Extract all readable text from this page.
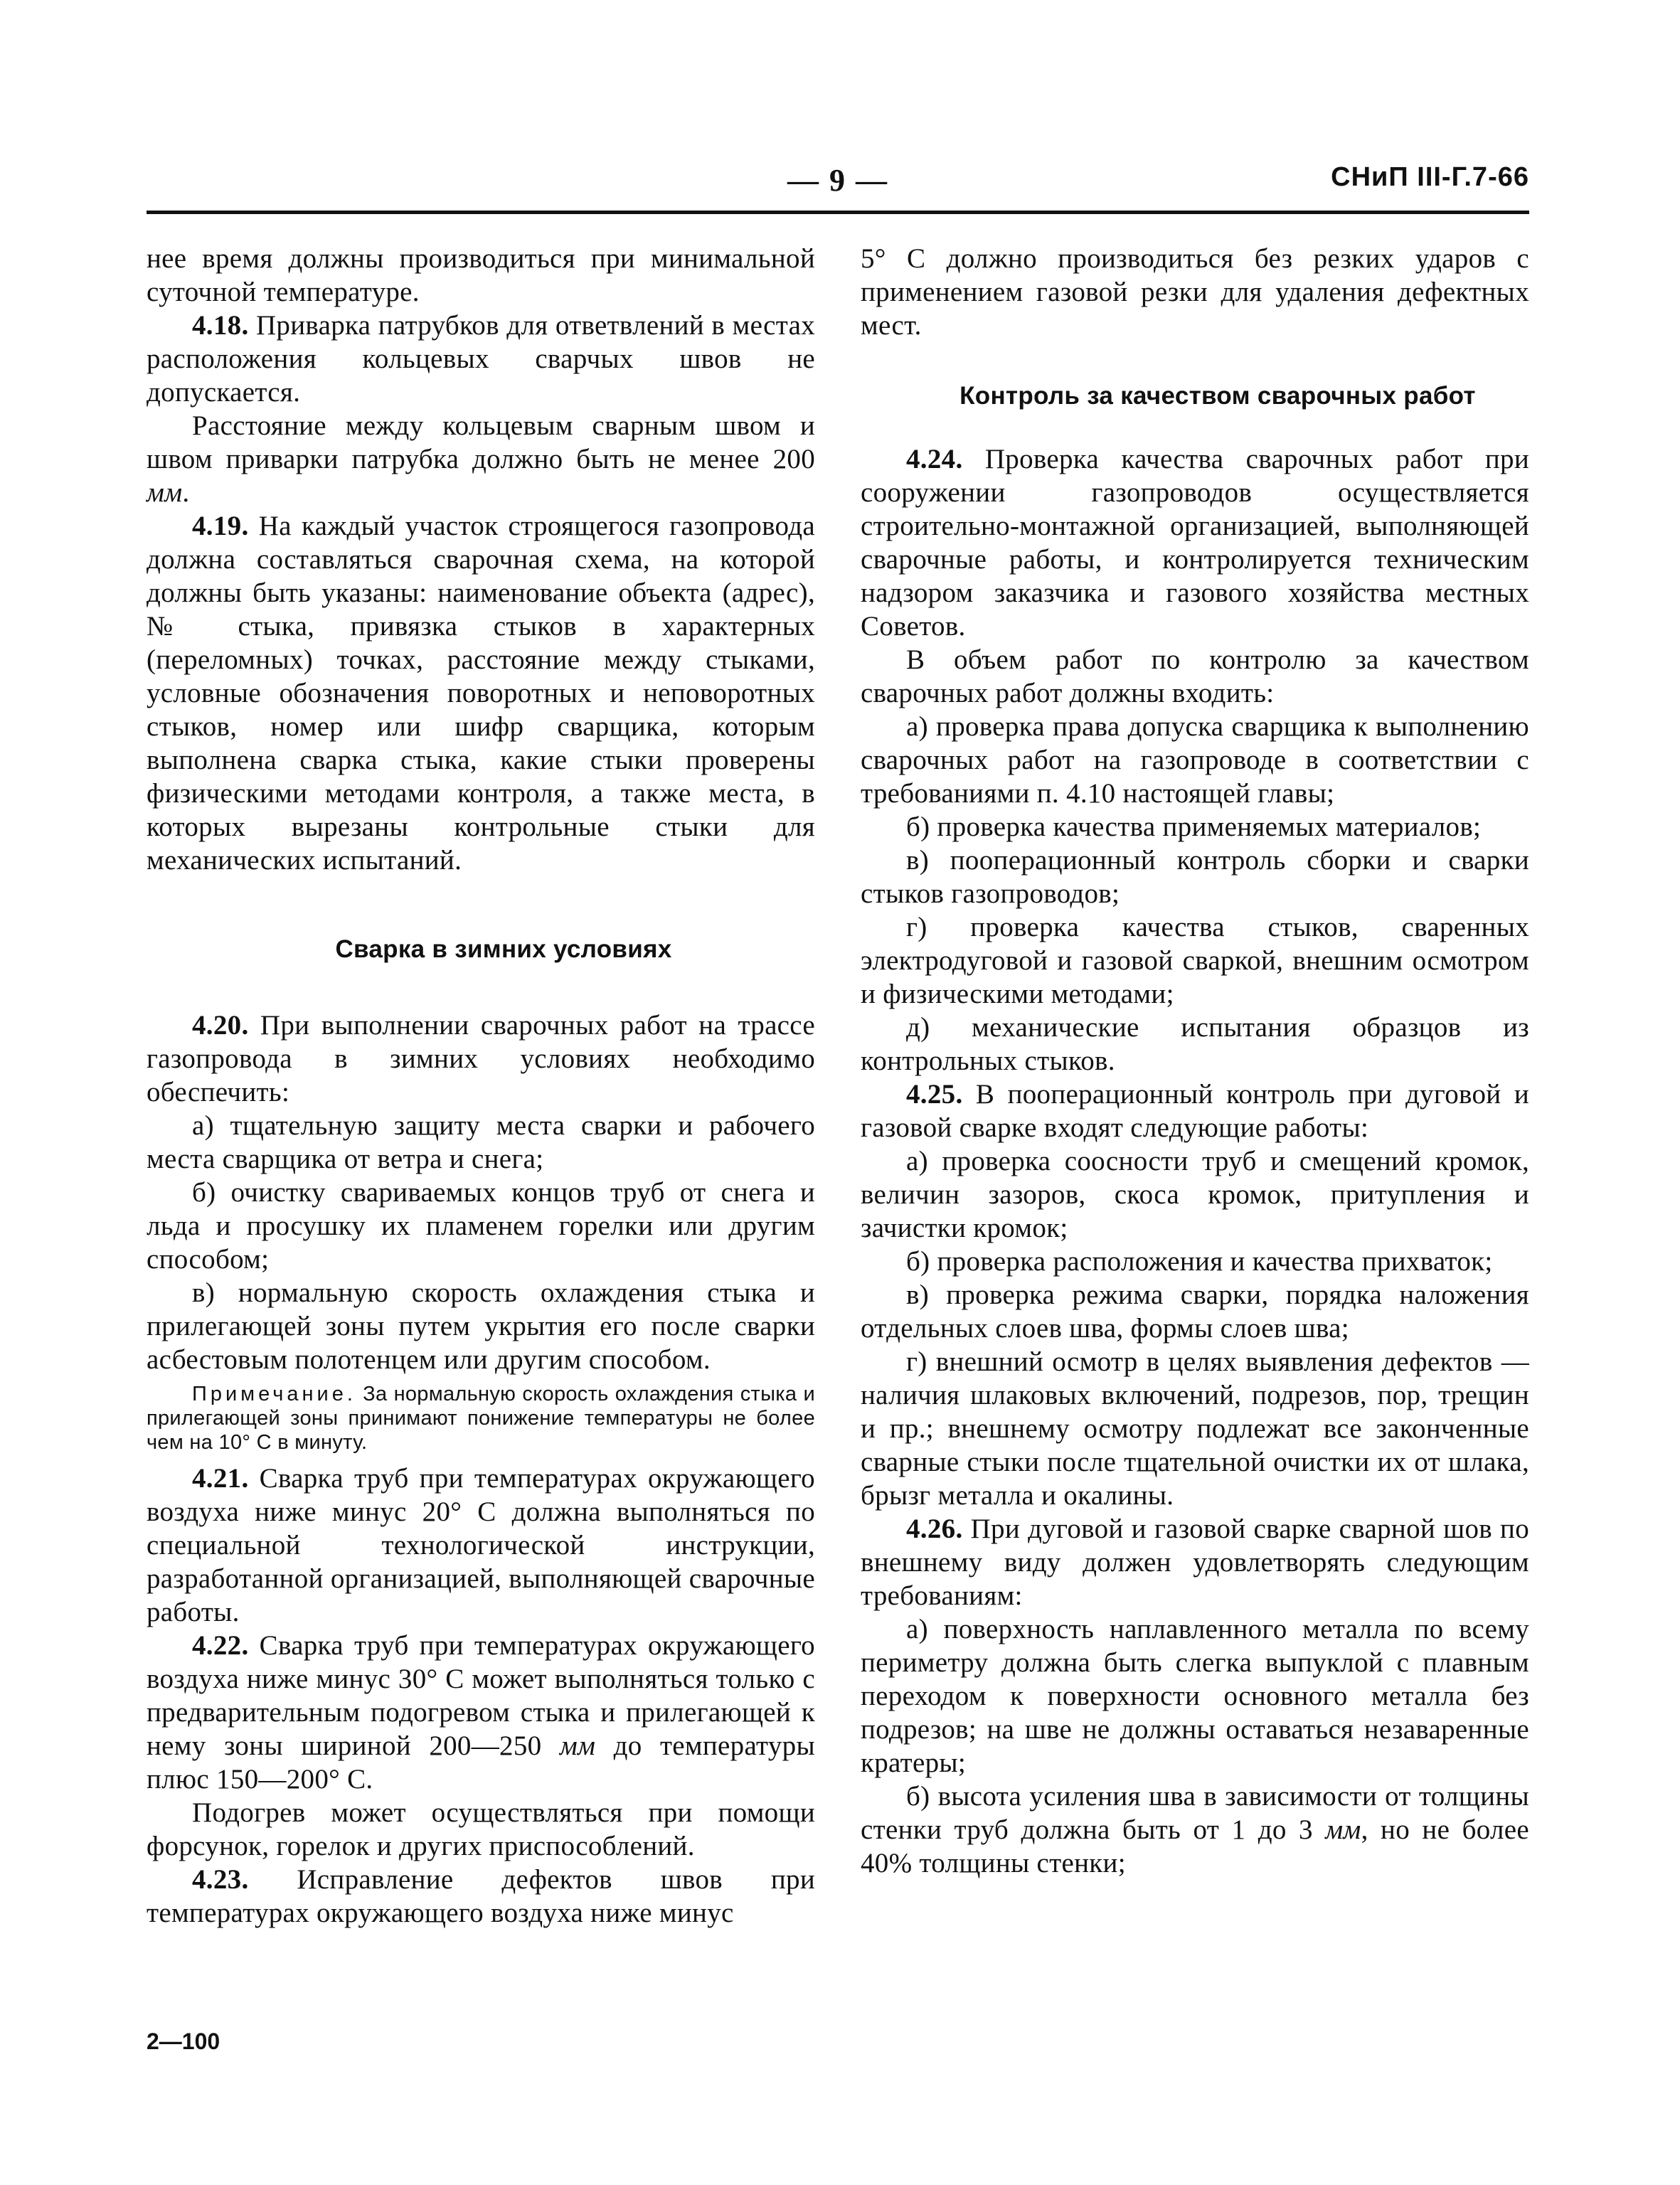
— 9 —	СНиП III-Г.7-66

нее время должны производиться при минимальной суточной температуре.

4.18. Приварка патрубков для ответвлений в местах расположения кольцевых сварчых швов не допускается.

Расстояние между кольцевым сварным швом и швом приварки патрубка должно быть не менее 200 мм.

4.19. На каждый участок строящегося газопровода должна составляться сварочная схема, на которой должны быть указаны: наименование объекта (адрес), № стыка, привязка стыков в характерных (переломных) точках, расстояние между стыками, условные обозначения поворотных и неповоротных стыков, номер или шифр сварщика, которым выполнена сварка стыка, какие стыки проверены физическими методами контроля, а также места, в которых вырезаны контрольные стыки для механических испытаний.

Сварка в зимних условиях

4.20. При выполнении сварочных работ на трассе газопровода в зимних условиях необходимо обеспечить:

а) тщательную защиту места сварки и рабочего места сварщика от ветра и снега;

б) очистку свариваемых концов труб от снега и льда и просушку их пламенем горелки или другим способом;

в) нормальную скорость охлаждения стыка и прилегающей зоны путем укрытия его после сварки асбестовым полотенцем или другим способом.

Примечание. За нормальную скорость охлаждения стыка и прилегающей зоны принимают понижение температуры не более чем на 10° С в минуту.

4.21. Сварка труб при температурах окружающего воздуха ниже минус 20° С должна выполняться по специальной технологической инструкции, разработанной организацией, выполняющей сварочные работы.

4.22. Сварка труб при температурах окружающего воздуха ниже минус 30° С может выполняться только с предварительным подогревом стыка и прилегающей к нему зоны шириной 200—250 мм до температуры плюс 150—200° С.

Подогрев может осуществляться при помощи форсунок, горелок и других приспособлений.

4.23. Исправление дефектов швов при температурах окружающего воздуха ниже минус

5° С должно производиться без резких ударов с применением газовой резки для удаления дефектных мест.

Контроль за качеством сварочных работ

4.24. Проверка качества сварочных работ при сооружении газопроводов осуществляется строительно-монтажной организацией, выполняющей сварочные работы, и контролируется техническим надзором заказчика и газового хозяйства местных Советов.

В объем работ по контролю за качеством сварочных работ должны входить:

а) проверка права допуска сварщика к выполнению сварочных работ на газопроводе в соответствии с требованиями п. 4.10 настоящей главы;

б) проверка качества применяемых материалов;

в) пооперационный контроль сборки и сварки стыков газопроводов;

г) проверка качества стыков, сваренных электродуговой и газовой сваркой, внешним осмотром и физическими методами;

д) механические испытания образцов из контрольных стыков.

4.25. В пооперационный контроль при дуговой и газовой сварке входят следующие работы:

а) проверка соосности труб и смещений кромок, величин зазоров, скоса кромок, притупления и зачистки кромок;

б) проверка расположения и качества прихваток;

в) проверка режима сварки, порядка наложения отдельных слоев шва, формы слоев шва;

г) внешний осмотр в целях выявления дефектов — наличия шлаковых включений, подрезов, пор, трещин и пр.; внешнему осмотру подлежат все законченные сварные стыки после тщательной очистки их от шлака, брызг металла и окалины.

4.26. При дуговой и газовой сварке сварной шов по внешнему виду должен удовлетворять следующим требованиям:

а) поверхность наплавленного металла по всему периметру должна быть слегка выпуклой с плавным переходом к поверхности основного металла без подрезов; на шве не должны оставаться незаваренные кратеры;

б) высота усиления шва в зависимости от толщины стенки труб должна быть от 1 до 3 мм, но не более 40% толщины стенки;

2—100
